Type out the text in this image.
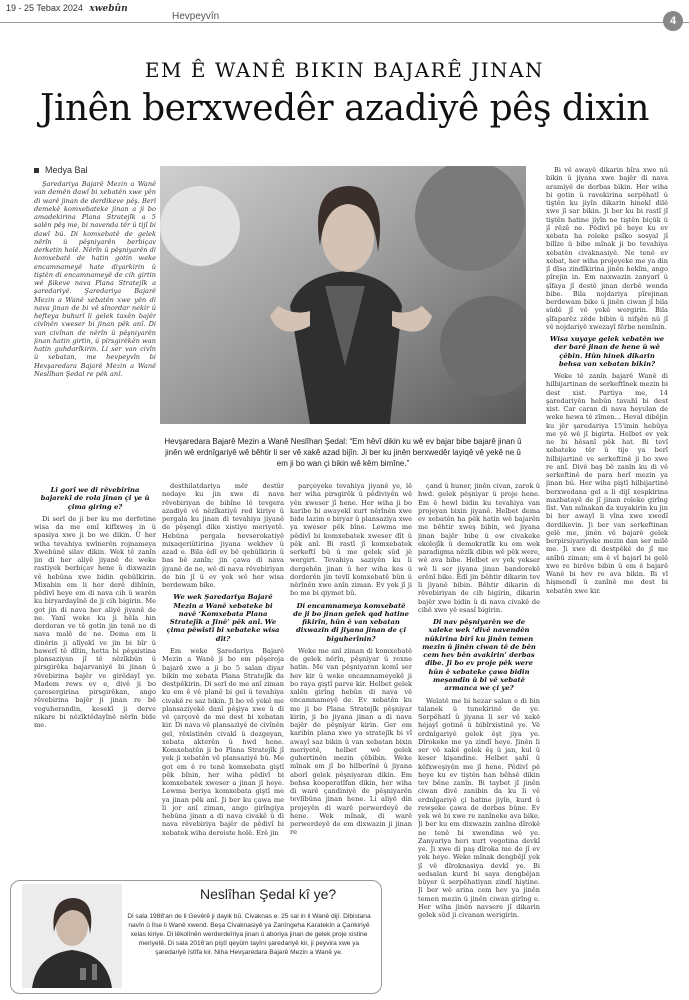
19 - 25 Tebax 2024 xwebûn
Hevpeyvîn	4
EM Ê WANÊ BIKIN BAJARÊ JINAN
Jinên berxwedêr azadiyê pêş dixin
Medya Bal

Şaredariya Bajarê Mezin a Wanê van demên dawî bi xebatên xwe yên di warê jinan de derdikeve pêş. Berî demekê komxebateke jinan a ji bo amadekirina Plana Stratejîk a 5 salên pêş me, bi navenda têr û tijî bi dawî bû. Di komxebatê de gelek nêrîn û pêşniyarên berbiçav derketin holê. Nêrîn û pêşniyarên di komxebatê de hatin gotin weke encamnameyê hate diyarkirin û tiştên di encamnameyê de cih girtin wê ßikeve nava Plana Stratejîk a şaredariyê. Şaredariya Bajarê Mezin a Wanê xebatên xwe yên di nava jinan de bi vê sînordar nekir û hefteya buhurî li gelek taxên bajêr civînên xweser bi jinan pêk anî. Di van civînan de nêrîn û pêşniyarên jinan hatin girtin, û pirsgirêkên wan hatin guhdarîkirin. Li ser van civîn û xebatan, me hevpeyvîn bi Hevşaredara Bajarê Mezin a Wanê Neslîhan Şedal re pêk anî.

Hevşaredara Bajarê Mezin a Wanê Neslîhan Şedal: “Em hêvî dikin ku wê ev bajar bibe bajarê jinan û jinên wê erdnîgariyê wê bêhtir li ser vê xakê azad bijîn. Ji ber ku jinên berxwedêr layiqê vê yekê ne û em ji bo wan çi bikin wê kêm bimîne.”
Li gorî we di rêvebirina bajarekî de rola jinan çi ye û çima giring e?

Di serî de ji ber ku me derfetine wisa da me emî kifîxweş in û spasiya xwe ji bo we dikin. Ü her wiha tevahiya xwînerên rojnameya Xwebûnê silav dikin. Wek tê zanîn jin di her aliyê jiyanê de weke rastiyek berbiçav hene û dixwazin vê hebûna xwe bidin qebûlkirin. Mixabin em li her derê dibînin, pêdivî heye em di nava cih û warên ku biryardayînê de ji cih bigirin. Me got jin di nava her aliyê jiyanê de ne. Yanî weke ku ji hêla hin derdoran ve tê gotin jin tenê ne di nava malê de ne. Dema em li dinêrin ji alîyekî ve jin bi bîr û bawerî tê dîtin, hetta bi pêşxistina plansaziyan jî tê nêzîkbûn û pirsgirêka bajarvaniyê bi jinan û rêvebirina bajêr ve girêdayî ye. Madem rews ev e, divê ji bo çaresergirina pirsgirêkan, ango rêvebirina bajêr ji jinan re bê veguherandin, kesekî ji derve nikare bi nêzîktêdayînê nêrîn bide me.

desthilatdariya mêr destûr nedaye ku jin xwe di nava rêvebiriyan de bibîne lê tevgera azadiyê vê nêzîkatiyê red kiriye û pergala ku jinan di tevahiya jiyanê de pêşengî dike xistiye meriyetê. Hebûna pergala hevserokatiyê mixaqeriûtirina jiyana wekhev û azad e. Bila êdî ev bê qebûlkirin û bas bê zanîn; jin çawa di nava jiyanê de ne, wê di nava rêvebiriyan de bin jî û ev yek wê her wisa berdewam bike.

We wek Şaredariya Bajarê Mezin a Wanê xebateke bi navê ‘Komxebata Plana Stratejîk a Jinê’ pêk anî. We çima pêwîstî bi xebateke wisa dît?

Em weke Şaredariya Bajarê Mezin a Wanê ji bo em pêşeroja bajarê xwe a ji bo 5 salan diyar bikin me xebata Plana Stratejîk da destpêkirin. Di serî de me anî ziman ku em ê vê planê bi gel û tevahiya civakê re saz bikin. Ji bo vê yekê me plansaziyekê danî pêşiya xwe û di vê çarçovê de me dest bi xebatan kir. Di nava vê plansaziyê de civînên gel, rêxistinên civakî û dezgeyan, xebata akterên û hwd hene. Komxebatên ji bo Plana Stratejîk jî yek ji xebatên vê plansaziyê bû. Me got em ê re tenê komxebata giştî pêk bînin, her wiha pêdivî bi komxebatek xweser a jinan jî heye. Lewma beriya komxebata giştî me ya jinan pêk anî. Ji ber ku çawa me li jor anî ziman, ango girîngiya hebûna jinan a di nava civakê û di nava rêvebiriya bajêr de pêdivî bi xebatek wiha dereiste holê. Erê jin

parçeyeke tevahiya jiyanê ye, lê her wiha pirsgirêk û pêdiviyên wê yên xweser jî hene. Her wiha ji bo karibe bi awayekî xurt nêrînên xwe bide lazim e biryar û plansaziya xwe ya xweser pêk bîne. Lewma me pêdivî bi komxebatek xweser dît û pêk anî. Bi rastî jî komxebatek serkeftî bû û me gelek sûd jê wergirt. Tevahiya saziyên ku li dergehên jinan û her wiha kes û dordorên jin tevlî komxebatê bûn û nêrînên xwe anîn ziman. Ev yek jî ji bo me bi qiymet bû.

Di encamnameya komxebatê de ji bo jinan gelek qad hatine fikirîn, hûn ê van xebatan dixwazin di jiyana jinan de çi biguherînin?

Weke me anî ziman di komxebatê de gelek nêrîn, pêşniyar û rexne hatin. Me van pêşniyaran komî ser hev kir û weke encamnameyekê ji bo raya giştî parve kir. Helbet gelek xalên girîng hebûn di nava vê encamnameyê de. Ev xebatên ku me ji bo Plana Stratejîk pêşniyar kirin, ji bo jiyana jinan a di nava bajêr de pêşniyar kirin. Ger em karibin plana xwe ya stratejîk bi vî awayî saz bikin û van xebatan bixin meriyetê, helbet wê gelek guhertinên mezin çêbibin. Weke mînak em jî bo hilberînê û jiyana aborî gelek pêşniyaran dikin. Em behsa kooperatîfan dikin, her wiha di warê çandiniyê de pêşniyarên tevlîbûna jinan hene. Li aliyê din projeyên di warê perwerdeyê de hene. Wek mînak, di warê perwerdeyê de em dixwazin ji jinan re

çand û huner, jinên civan, zarok û hwd. gelek pêşniyar û proje hene. Em ê hewl bidin ku tevahiya van projeyan bixin jiyanê. Helbet dema ev xebatên ha pêk hatin wê bajarên me bêhtir xweş bibin, wê jiyana jinan bajêr bibe û ew civakeke ekolojîk û demokratîk ku em wek paradigma nêzîk dibin wê pêk were, wê ava bibe. Helbet ev yek yekser wê li ser jiyana jinan bandorekê erênî bike. Êdî jin bêhtir dikarin tev li jiyanê bibin. Bêhtir dikarin di rêvebiriyan de cih bigirin, dikarin bajêr xwe bidin û di nava civakê de cihê xwe yê esasî bigirin.

Di nav pêşniyarên we de xaleke wek ‘divê navendên nûkirina birî ku jinên temen mezin û jinên ciwan tê de bên cem hev bên avakirin’ derbas dibe. Ji bo ev proje pêk were hûn ê xebateke çawa bidin meşandin û bi vê xebatê armanca we çi ye?

Welatê me bi hezar salan e di bin talanek û tunekirinê de ye. Serpêhatî û jiyana li ser vê xakê héjayî gotinê û bibîrxistinê ye. Vê erdnîgariyê gelek êşt jiya ye. Dîrokeke me ya zindî heye. Jinên li ser vê xakê gelek êş û jan, kul û keser kişandine. Helbet şahî û kêfxweşiyên me jî hene. Pêdivî pê heye ku ev tiştên han bêhsê dikin tev bêne zanîn. Bi taybet jî jinên ciwan divê zanibin da ku li vê erdnîgariyê çi hatine jiyîn, kurd û rewşeke çawa de derbas bûne. Ev yek wê bi xwe re zanîneke ava bike. Ji ber ku em dixwazin zanîna dîrokê ne tenê bi xwendina wê ye. Zanyariya heri xurt vegotina devkî ye. Ji xwe di paş dîroka me de jî ev yek heye. Weke mînak dengbêjî yek jî vê dîroknasiya devkî ye. Bi sedsalan kurd bi saya dengbêjan bûyer û serpêhatiyan zindî hiştine. Ji ber wê arina cem hev ya jinên temen mezin û jinên ciwan girîng e. Her wiha jinên navsere jî dikarin gelek sûd ji civanan werigirin.

Bi vê awayê dikarin bîra xwe nû bikin û jiyana xwe bajêr di nava aramiyê de derbas bikin. Her wiha bi gotin û ravekirina serpêhatî û tiştên ku jiyîn dikarin hinekî dilê xwe jî sar bikin. Ji ber ku bi rastî jî tiştên hatine jiyîn ne tiştên biçûk û jî rêzê ne. Pêdivî pê heye ku ev xebata ha roleke psîko sosyal jî bilîze û bibe mînak ji bo tevahiya xebatên civaknasiyê. Ne tenê ev xebat, her wiha projeyeke me ya din jî dîsa zindîkirina jinên hekîm, ango pîrejin in. Em naxwazin zanyarî û şîfaya jî destê jinan derbê wenda bibe. Bila nojdariya pîrejinan berdewam bike û jinên ciwan jî bila sûdê jî vê yekê wergirin. Bila şîfaparêz zêde bibin û nifşên nû jî vê nojdariyê xwezayî fêrbe nemînin.

Wisa xuyaye gelek xebatên we der barê jinan de hene û wê çêbin. Hûn hinek dikarin behsa van xebatan bikin?

Weke tê zanîn bajarê Wanê di hilbijartinan de serkeftînek mezin bi dest xist. Partiya me, 14 şaredariyên hebûn tavahî bi dest xist. Car caran di nava heyulan de weke hewa tê zîmen... Heval dibêjin ku jêr şaredariya 15'imin hebûya me yê wê jî bigirta. Helbet ev yek ne bi hêsanî pêk hat. Bi tevî xebateke têr û tije ya berî hilbijartinê ve serkeftinê ji bo xwe re anî. Divê baş bê zanîn ku di vê serkeftinê de para herî mezin ya jinan bû. Her wiha piştî hilbijartinê berxwedana gel a li dijî xespkirina mazbatayê de jî jinan roleke girîng lîst. Van mînakan da xuyakirin ku jin bi her awayî li vîna xwe xwedî derdikevin. Ji ber van serkeftinan gelê me, jinên vê bajarê gelek berpirsiyariyeke mezin dan ser milê me. Ji xwe di destpêkê de jî me anîbû ziman; em ê vî bajarî bi gelê xwe re birêve bibin û em ê bajarê Wanê bi hev re ava bikin. Bi vî hişmendî û zanînê me dest bi xebatên xwe kir.

Neslîhan Şedal kî ye?
Di sala 1988'an de li Gevêrê ji dayik bû. Civaknas e. 25 sal in li Wanê dijî. Dibistana navîn û lîse li Wanê xwend. Beşa Civaknasiyê ya Zanîngeha Karatekîn a Çankiriyê xelas kiriye. Di lêkolînên werderdeîriya jinan û aboriya jinan de gelek proje xistine meriyetê. Di sala 2016'an piştî qeyûm tayîni şaredariyê kir, ji peyvira xwe ya şaredariyê îstîfa kir. Niha Hevşaredara Bajarê Mezin a Wanê ye.
